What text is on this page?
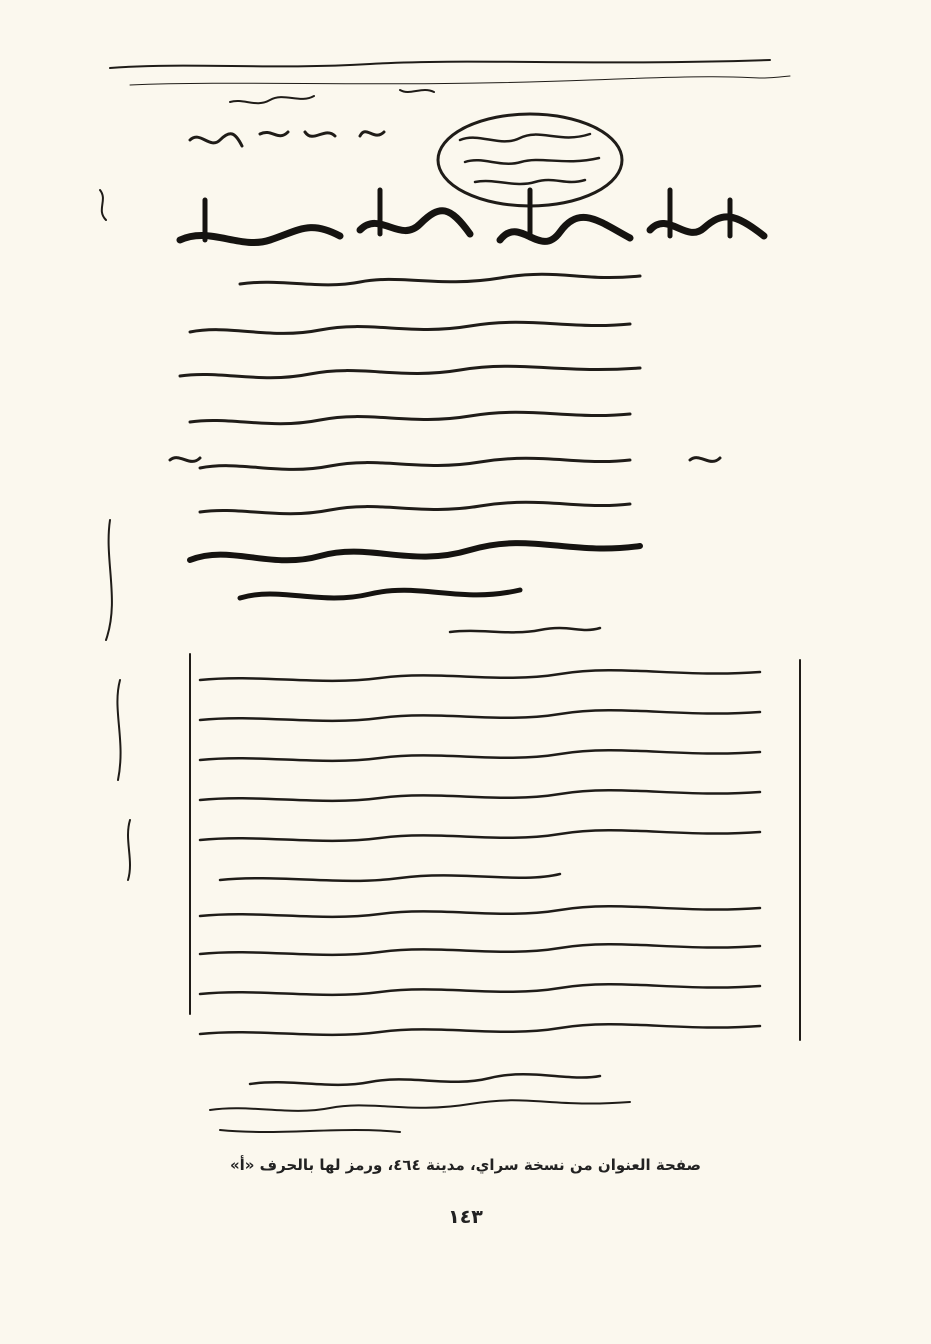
صفحة العنوان من نسخة سراي، مدينة ٤٦٤، ورمز لها بالحرف «أ»
١٤٣
